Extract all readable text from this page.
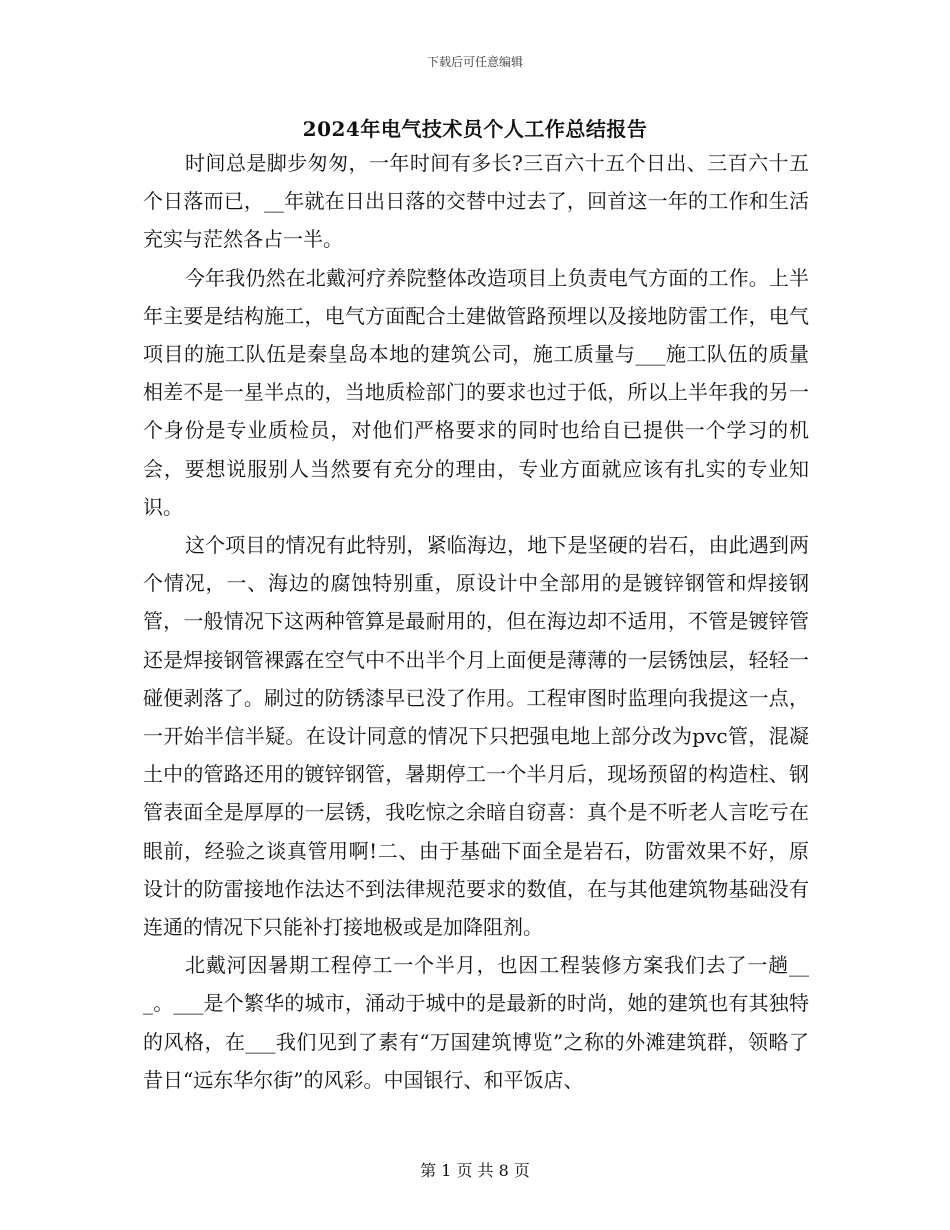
下载后可任意编辑
2024年电气技术员个人工作总结报告

时间总是脚步匆匆，一年时间有多长?三百六十五个日出、三百六十五个日落而已，__年就在日出日落的交替中过去了，回首这一年的工作和生活充实与茫然各占一半。

今年我仍然在北戴河疗养院整体改造项目上负责电气方面的工作。上半年主要是结构施工，电气方面配合土建做管路预埋以及接地防雷工作，电气项目的施工队伍是秦皇岛本地的建筑公司，施工质量与___施工队伍的质量相差不是一星半点的，当地质检部门的要求也过于低，所以上半年我的另一个身份是专业质检员，对他们严格要求的同时也给自已提供一个学习的机会，要想说服别人当然要有充分的理由，专业方面就应该有扎实的专业知识。

这个项目的情况有此特别，紧临海边，地下是坚硬的岩石，由此遇到两个情况，一、海边的腐蚀特别重，原设计中全部用的是镀锌钢管和焊接钢管，一般情况下这两种管算是最耐用的，但在海边却不适用，不管是镀锌管还是焊接钢管裸露在空气中不出半个月上面便是薄薄的一层锈蚀层，轻轻一碰便剥落了。刷过的防锈漆早已没了作用。工程审图时监理向我提这一点，一开始半信半疑。在设计同意的情况下只把强电地上部分改为pvc管，混凝土中的管路还用的镀锌钢管，暑期停工一个半月后，现场预留的构造柱、钢管表面全是厚厚的一层锈，我吃惊之余暗自窃喜：真个是不听老人言吃亏在眼前，经验之谈真管用啊!二、由于基础下面全是岩石，防雷效果不好，原设计的防雷接地作法达不到法律规范要求的数值，在与其他建筑物基础没有连通的情况下只能补打接地极或是加降阻剂。

北戴河因暑期工程停工一个半月，也因工程装修方案我们去了一趟___。___是个繁华的城市，涌动于城中的是最新的时尚，她的建筑也有其独特的风格，在___我们见到了素有“万国建筑博览”之称的外滩建筑群，领略了昔日“远东华尔街”的风彩。中国银行、和平饭店、

第 1 页 共 8 页
